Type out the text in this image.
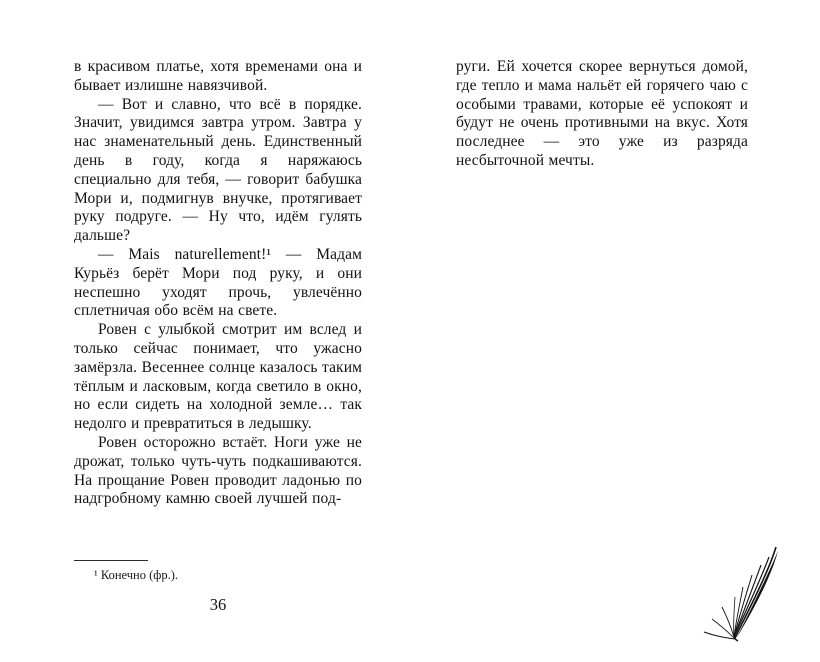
в красивом платье, хотя временами она и бывает излишне навязчивой.

— Вот и славно, что всё в порядке. Значит, увидимся завтра утром. Завтра у нас знаменательный день. Единственный день в году, когда я наряжаюсь специально для тебя, — говорит бабушка Мори и, подмигнув внучке, протягивает руку подруге. — Ну что, идём гулять дальше?

— Mais naturellement!¹ — Мадам Курьёз берёт Мори под руку, и они неспешно уходят прочь, увлечённо сплетничая обо всём на свете.

Ровен с улыбкой смотрит им вслед и только сейчас понимает, что ужасно замёрзла. Весеннее солнце казалось таким тёплым и ласковым, когда светило в окно, но если сидеть на холодной земле… так недолго и превратиться в ледышку.

Ровен осторожно встаёт. Ноги уже не дрожат, только чуть-чуть подкашиваются. На прощание Ровен проводит ладонью по надгробному камню своей лучшей под-

руги. Ей хочется скорее вернуться домой, где тепло и мама нальёт ей горячего чаю с особыми травами, которые её успокоят и будут не очень противными на вкус. Хотя последнее — это уже из разряда несбыточной мечты.

¹ Конечно (фр.).
36
